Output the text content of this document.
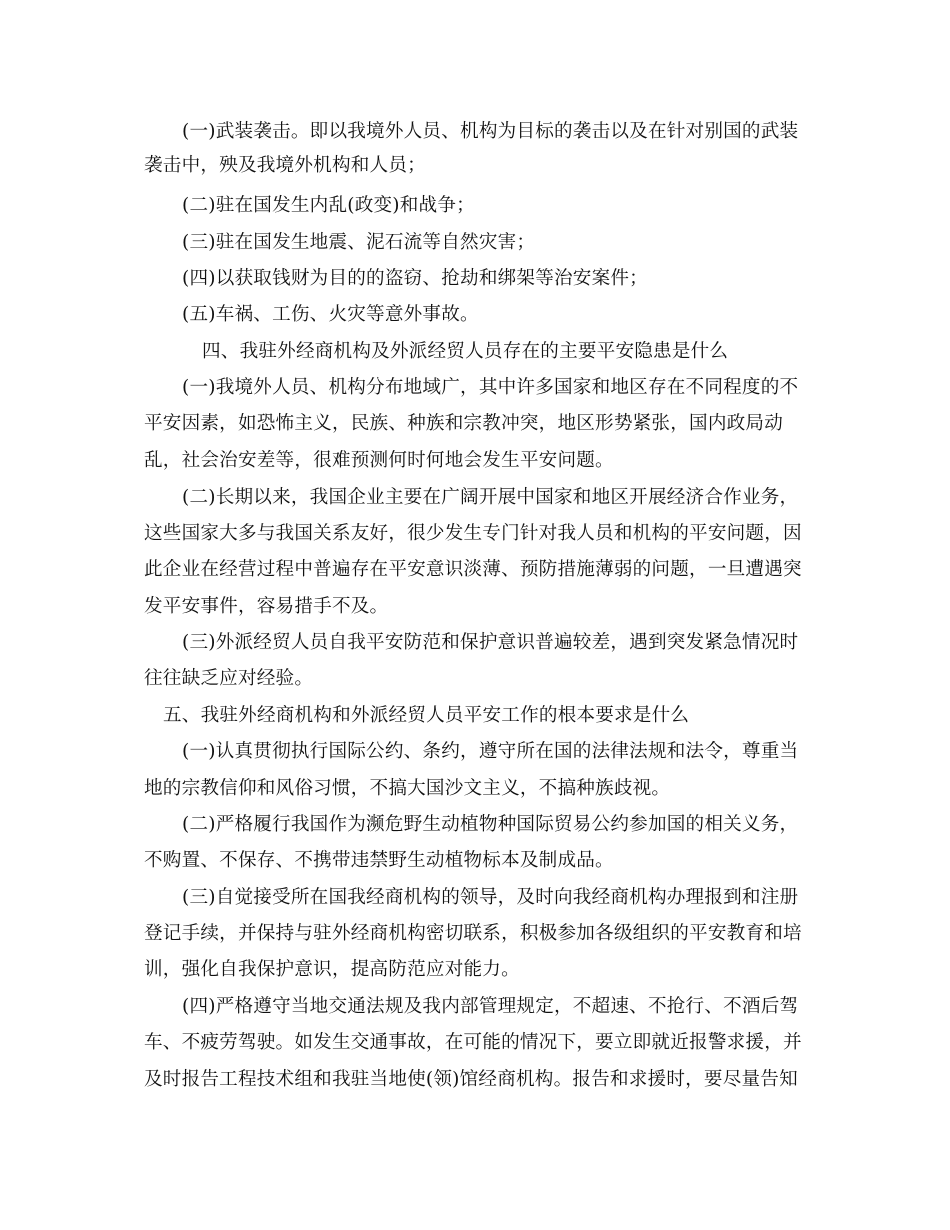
(一)武装袭击。即以我境外人员、机构为目标的袭击以及在针对别国的武装
袭击中，殃及我境外机构和人员；
(二)驻在国发生内乱(政变)和战争；
(三)驻在国发生地震、泥石流等自然灾害；
(四)以获取钱财为目的的盗窃、抢劫和绑架等治安案件；
(五)车祸、工伤、火灾等意外事故。
四、我驻外经商机构及外派经贸人员存在的主要平安隐患是什么
(一)我境外人员、机构分布地域广，其中许多国家和地区存在不同程度的不
平安因素，如恐怖主义，民族、种族和宗教冲突，地区形势紧张，国内政局动
乱，社会治安差等，很难预测何时何地会发生平安问题。
(二)长期以来，我国企业主要在广阔开展中国家和地区开展经济合作业务，
这些国家大多与我国关系友好，很少发生专门针对我人员和机构的平安问题，因
此企业在经营过程中普遍存在平安意识淡薄、预防措施薄弱的问题，一旦遭遇突
发平安事件，容易措手不及。
(三)外派经贸人员自我平安防范和保护意识普遍较差，遇到突发紧急情况时
往往缺乏应对经验。
五、我驻外经商机构和外派经贸人员平安工作的根本要求是什么
(一)认真贯彻执行国际公约、条约，遵守所在国的法律法规和法令，尊重当
地的宗教信仰和风俗习惯，不搞大国沙文主义，不搞种族歧视。
(二)严格履行我国作为濒危野生动植物种国际贸易公约参加国的相关义务，
不购置、不保存、不携带违禁野生动植物标本及制成品。
(三)自觉接受所在国我经商机构的领导，及时向我经商机构办理报到和注册
登记手续，并保持与驻外经商机构密切联系，积极参加各级组织的平安教育和培
训，强化自我保护意识，提高防范应对能力。
(四)严格遵守当地交通法规及我内部管理规定，不超速、不抢行、不酒后驾
车、不疲劳驾驶。如发生交通事故，在可能的情况下，要立即就近报警求援，并
及时报告工程技术组和我驻当地使(领)馆经商机构。报告和求援时，要尽量告知
